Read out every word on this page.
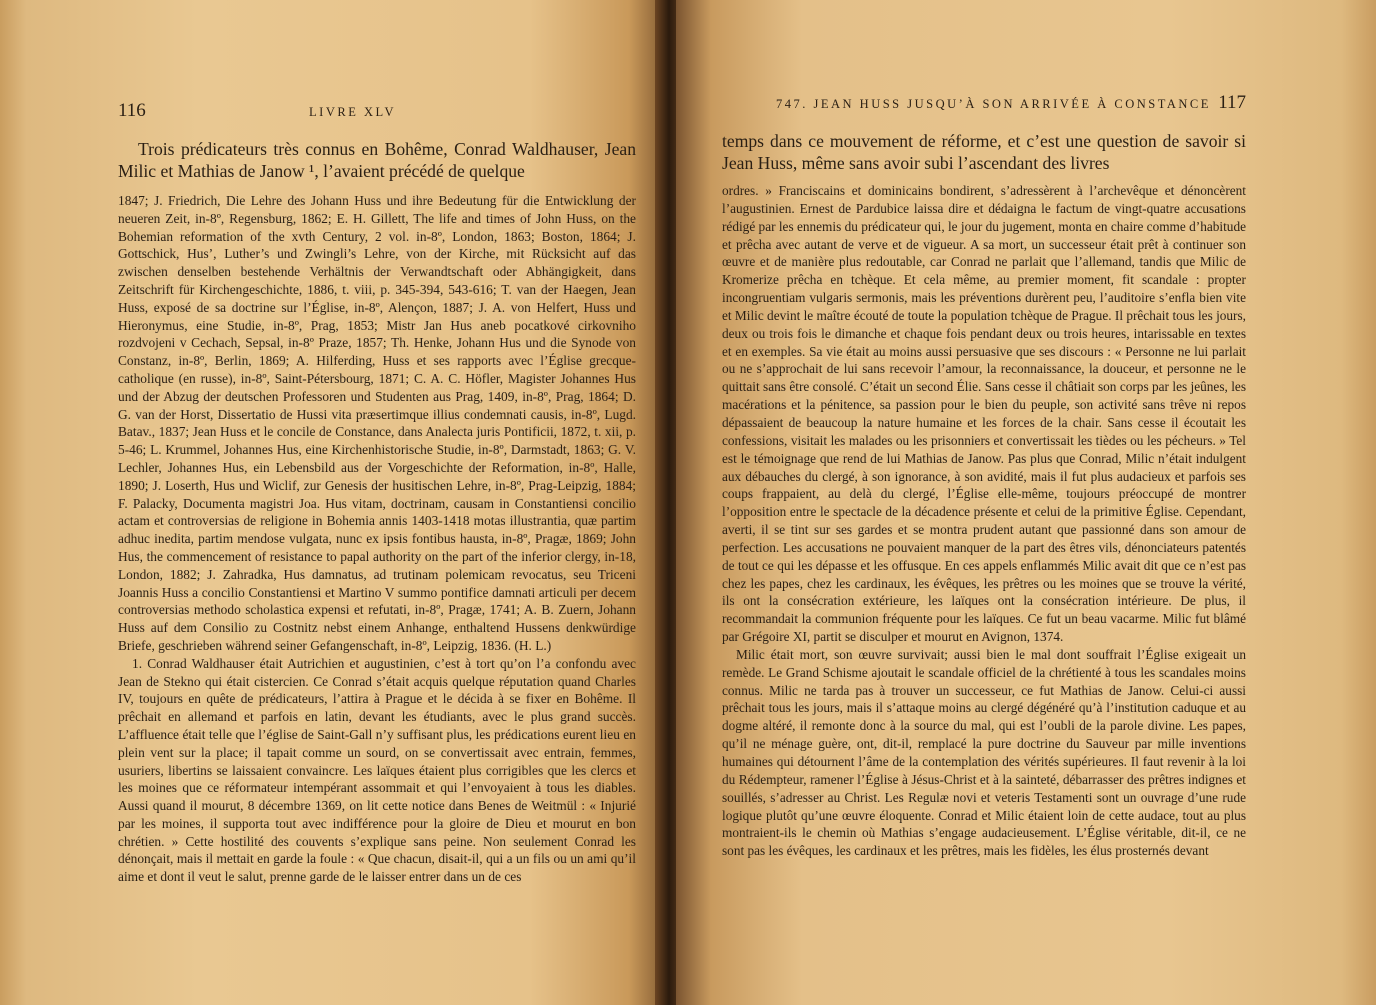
116	LIVRE XLV

Trois prédicateurs très connus en Bohême, Conrad Waldhauser, Jean Milic et Mathias de Janow ¹, l’avaient précédé de quelque

1847; J. Friedrich, Die Lehre des Johann Huss und ihre Bedeutung für die Entwicklung der neueren Zeit, in-8º, Regensburg, 1862; E. H. Gillett, The life and times of John Huss, on the Bohemian reformation of the xvth Century, 2 vol. in-8º, London, 1863; Boston, 1864; J. Gottschick, Hus’, Luther’s und Zwingli’s Lehre, von der Kirche, mit Rücksicht auf das zwischen denselben bestehende Verhältnis der Verwandtschaft oder Abhängigkeit, dans Zeitschrift für Kirchengeschichte, 1886, t. viii, p. 345-394, 543-616; T. van der Haegen, Jean Huss, exposé de sa doctrine sur l’Église, in-8º, Alençon, 1887; J. A. von Helfert, Huss und Hieronymus, eine Studie, in-8º, Prag, 1853; Mistr Jan Hus aneb pocatkové cirkovniho rozdvojeni v Cechach, Sepsal, in-8º Praze, 1857; Th. Henke, Johann Hus und die Synode von Constanz, in-8º, Berlin, 1869; A. Hilferding, Huss et ses rapports avec l’Église grecque-catholique (en russe), in-8º, Saint-Pétersbourg, 1871; C. A. C. Höfler, Magister Johannes Hus und der Abzug der deutschen Professoren und Studenten aus Prag, 1409, in-8º, Prag, 1864; D. G. van der Horst, Dissertatio de Hussi vita præsertimque illius condemnati causis, in-8º, Lugd. Batav., 1837; Jean Huss et le concile de Constance, dans Analecta juris Pontificii, 1872, t. xii, p. 5-46; L. Krummel, Johannes Hus, eine Kirchenhistorische Studie, in-8º, Darmstadt, 1863; G. V. Lechler, Johannes Hus, ein Lebensbild aus der Vorgeschichte der Reformation, in-8º, Halle, 1890; J. Loserth, Hus und Wiclif, zur Genesis der husitischen Lehre, in-8º, Prag-Leipzig, 1884; F. Palacky, Documenta magistri Joa. Hus vitam, doctrinam, causam in Constantiensi concilio actam et controversias de religione in Bohemia annis 1403-1418 motas illustrantia, quæ partim adhuc inedita, partim mendose vulgata, nunc ex ipsis fontibus hausta, in-8º, Pragæ, 1869; John Hus, the commencement of resistance to papal authority on the part of the inferior clergy, in-18, London, 1882; J. Zahradka, Hus damnatus, ad trutinam polemicam revocatus, seu Triceni Joannis Huss a concilio Constantiensi et Martino V summo pontifice damnati articuli per decem controversias methodo scholastica expensi et refutati, in-8º, Pragæ, 1741; A. B. Zuern, Johann Huss auf dem Consilio zu Costnitz nebst einem Anhange, enthaltend Hussens denkwürdige Briefe, geschrieben während seiner Gefangenschaft, in-8º, Leipzig, 1836. (H. L.)

1. Conrad Waldhauser était Autrichien et augustinien, c’est à tort qu’on l’a confondu avec Jean de Stekno qui était cistercien. Ce Conrad s’était acquis quelque réputation quand Charles IV, toujours en quête de prédicateurs, l’attira à Prague et le décida à se fixer en Bohême. Il prêchait en allemand et parfois en latin, devant les étudiants, avec le plus grand succès. L’affluence était telle que l’église de Saint-Gall n’y suffisant plus, les prédications eurent lieu en plein vent sur la place; il tapait comme un sourd, on se convertissait avec entrain, femmes, usuriers, libertins se laissaient convaincre. Les laïques étaient plus corrigibles que les clercs et les moines que ce réformateur intempérant assommait et qui l’envoyaient à tous les diables. Aussi quand il mourut, 8 décembre 1369, on lit cette notice dans Benes de Weitmül : « Injurié par les moines, il supporta tout avec indifférence pour la gloire de Dieu et mourut en bon chrétien. » Cette hostilité des couvents s’explique sans peine. Non seulement Conrad les dénonçait, mais il mettait en garde la foule : « Que chacun, disait-il, qui a un fils ou un ami qu’il aime et dont il veut le salut, prenne garde de le laisser entrer dans un de ces

747. JEAN HUSS JUSQU’À SON ARRIVÉE À CONSTANCE 117

temps dans ce mouvement de réforme, et c’est une question de savoir si Jean Huss, même sans avoir subi l’ascendant des livres

ordres. » Franciscains et dominicains bondirent, s’adressèrent à l’archevêque et dénoncèrent l’augustinien. Ernest de Pardubice laissa dire et dédaigna le factum de vingt-quatre accusations rédigé par les ennemis du prédicateur qui, le jour du jugement, monta en chaire comme d’habitude et prêcha avec autant de verve et de vigueur. A sa mort, un successeur était prêt à continuer son œuvre et de manière plus redoutable, car Conrad ne parlait que l’allemand, tandis que Milic de Kromerize prêcha en tchèque. Et cela même, au premier moment, fit scandale : propter incongruentiam vulgaris sermonis, mais les préventions durèrent peu, l’auditoire s’enfla bien vite et Milic devint le maître écouté de toute la population tchèque de Prague. Il prêchait tous les jours, deux ou trois fois le dimanche et chaque fois pendant deux ou trois heures, intarissable en textes et en exemples. Sa vie était au moins aussi persuasive que ses discours : « Personne ne lui parlait ou ne s’approchait de lui sans recevoir l’amour, la reconnaissance, la douceur, et personne ne le quittait sans être consolé. C’était un second Élie. Sans cesse il châtiait son corps par les jeûnes, les macérations et la pénitence, sa passion pour le bien du peuple, son activité sans trêve ni repos dépassaient de beaucoup la nature humaine et les forces de la chair. Sans cesse il écoutait les confessions, visitait les malades ou les prisonniers et convertissait les tièdes ou les pécheurs. » Tel est le témoignage que rend de lui Mathias de Janow. Pas plus que Conrad, Milic n’était indulgent aux débauches du clergé, à son ignorance, à son avidité, mais il fut plus audacieux et parfois ses coups frappaient, au delà du clergé, l’Église elle-même, toujours préoccupé de montrer l’opposition entre le spectacle de la décadence présente et celui de la primitive Église. Cependant, averti, il se tint sur ses gardes et se montra prudent autant que passionné dans son amour de perfection. Les accusations ne pouvaient manquer de la part des êtres vils, dénonciateurs patentés de tout ce qui les dépasse et les offusque. En ces appels enflammés Milic avait dit que ce n’est pas chez les papes, chez les cardinaux, les évêques, les prêtres ou les moines que se trouve la vérité, ils ont la consécration extérieure, les laïques ont la consécration intérieure. De plus, il recommandait la communion fréquente pour les laïques. Ce fut un beau vacarme. Milic fut blâmé par Grégoire XI, partit se disculper et mourut en Avignon, 1374.

Milic était mort, son œuvre survivait; aussi bien le mal dont souffrait l’Église exigeait un remède. Le Grand Schisme ajoutait le scandale officiel de la chrétienté à tous les scandales moins connus. Milic ne tarda pas à trouver un successeur, ce fut Mathias de Janow. Celui-ci aussi prêchait tous les jours, mais il s’attaque moins au clergé dégénéré qu’à l’institution caduque et au dogme altéré, il remonte donc à la source du mal, qui est l’oubli de la parole divine. Les papes, qu’il ne ménage guère, ont, dit-il, remplacé la pure doctrine du Sauveur par mille inventions humaines qui détournent l’âme de la contemplation des vérités supérieures. Il faut revenir à la loi du Rédempteur, ramener l’Église à Jésus-Christ et à la sainteté, débarrasser des prêtres indignes et souillés, s’adresser au Christ. Les Regulæ novi et veteris Testamenti sont un ouvrage d’une rude logique plutôt qu’une œuvre éloquente. Conrad et Milic étaient loin de cette audace, tout au plus montraient-ils le chemin où Mathias s’engage audacieusement. L’Église véritable, dit-il, ce ne sont pas les évêques, les cardinaux et les prêtres, mais les fidèles, les élus prosternés devant
